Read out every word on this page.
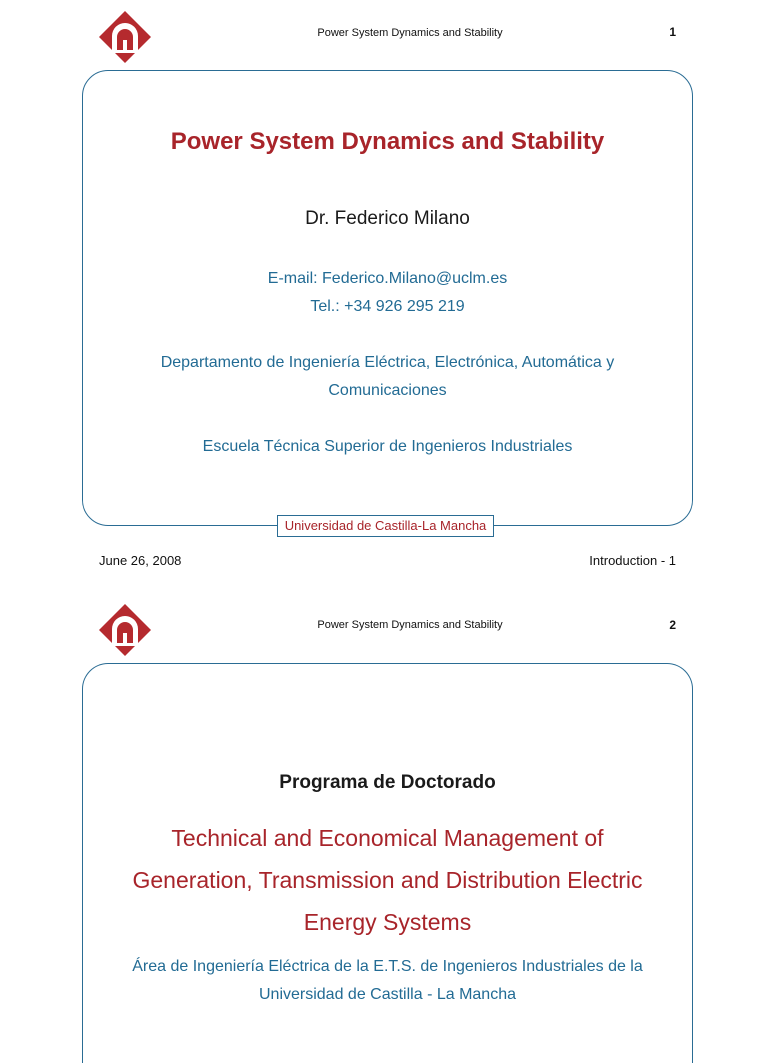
Power System Dynamics and Stability	1
Power System Dynamics and Stability
Dr. Federico Milano
E-mail: Federico.Milano@uclm.es
Tel.: +34 926 295 219
Departamento de Ingeniería Eléctrica, Electrónica, Automática y
Comunicaciones
Escuela Técnica Superior de Ingenieros Industriales
Universidad de Castilla-La Mancha
June 26, 2008	Introduction - 1
Power System Dynamics and Stability	2
Programa de Doctorado
Technical and Economical Management of
Generation, Transmission and Distribution Electric
Energy Systems
Área de Ingeniería Eléctrica de la E.T.S. de Ingenieros Industriales de la
Universidad de Castilla - La Mancha
